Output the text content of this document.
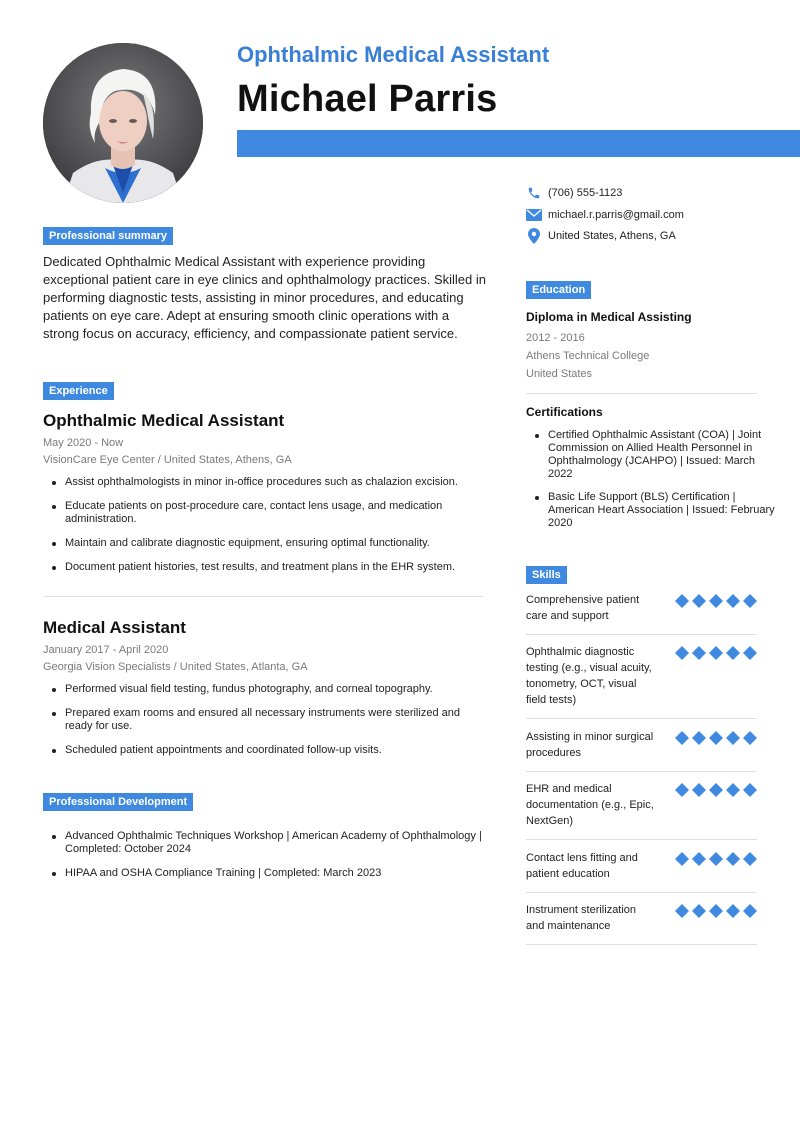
Ophthalmic Medical Assistant
Michael Parris
(706) 555-1123
michael.r.parris@gmail.com
United States, Athens, GA
Professional summary
Dedicated Ophthalmic Medical Assistant with experience providing exceptional patient care in eye clinics and ophthalmology practices. Skilled in performing diagnostic tests, assisting in minor procedures, and educating patients on eye care. Adept at ensuring smooth clinic operations with a strong focus on accuracy, efficiency, and compassionate patient service.
Experience
Ophthalmic Medical Assistant
May 2020 - Now
VisionCare Eye Center / United States, Athens, GA
Assist ophthalmologists in minor in-office procedures such as chalazion excision.
Educate patients on post-procedure care, contact lens usage, and medication administration.
Maintain and calibrate diagnostic equipment, ensuring optimal functionality.
Document patient histories, test results, and treatment plans in the EHR system.
Medical Assistant
January 2017 - April 2020
Georgia Vision Specialists / United States, Atlanta, GA
Performed visual field testing, fundus photography, and corneal topography.
Prepared exam rooms and ensured all necessary instruments were sterilized and ready for use.
Scheduled patient appointments and coordinated follow-up visits.
Professional Development
Advanced Ophthalmic Techniques Workshop | American Academy of Ophthalmology | Completed: October 2024
HIPAA and OSHA Compliance Training | Completed: March 2023
Education
Diploma in Medical Assisting
2012 - 2016
Athens Technical College
United States
Certifications
Certified Ophthalmic Assistant (COA) | Joint Commission on Allied Health Personnel in Ophthalmology (JCAHPO) | Issued: March 2022
Basic Life Support (BLS) Certification | American Heart Association | Issued: February 2020
Skills
Comprehensive patient care and support
Ophthalmic diagnostic testing (e.g., visual acuity, tonometry, OCT, visual field tests)
Assisting in minor surgical procedures
EHR and medical documentation (e.g., Epic, NextGen)
Contact lens fitting and patient education
Instrument sterilization and maintenance
